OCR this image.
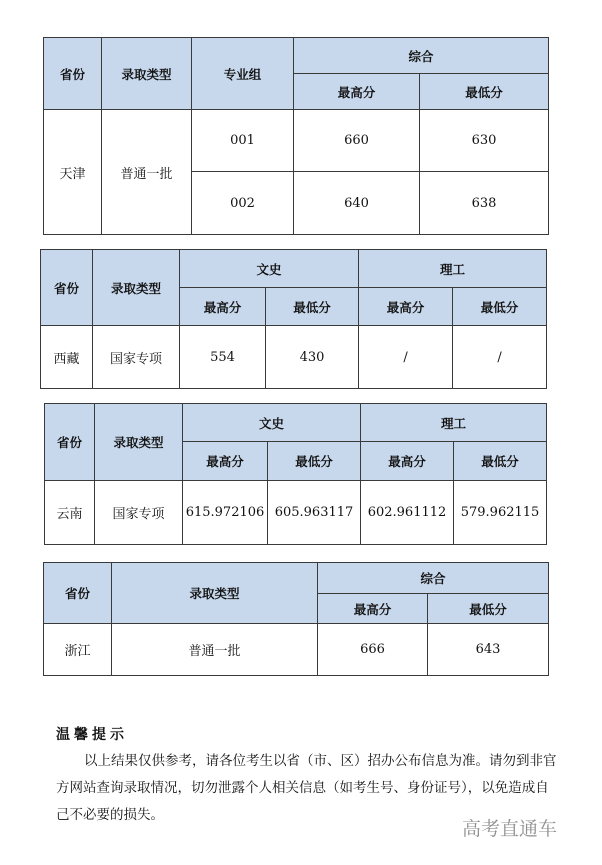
省份	录取类型	专业组	综合	
			最高分	最低分
天津	普通一批	001	660	630
		002	640	638
省份	录取类型	文史		理工	
		最高分	最低分	最高分	最低分
西藏	国家专项	554	430	/	/
省份	录取类型	文史		理工	
		最高分	最低分	最高分	最低分
云南	国家专项	615.972106	605.963117	602.961112	579.962115
省份	录取类型	综合	
		最高分	最低分
浙江	普通一批	666	643
温馨提示
以上结果仅供参考，请各位考生以省（市、区）招办公布信息为准。请勿到非官方网站查询录取情况，切勿泄露个人相关信息（如考生号、身份证号），以免造成自己不必要的损失。
高考直通车
